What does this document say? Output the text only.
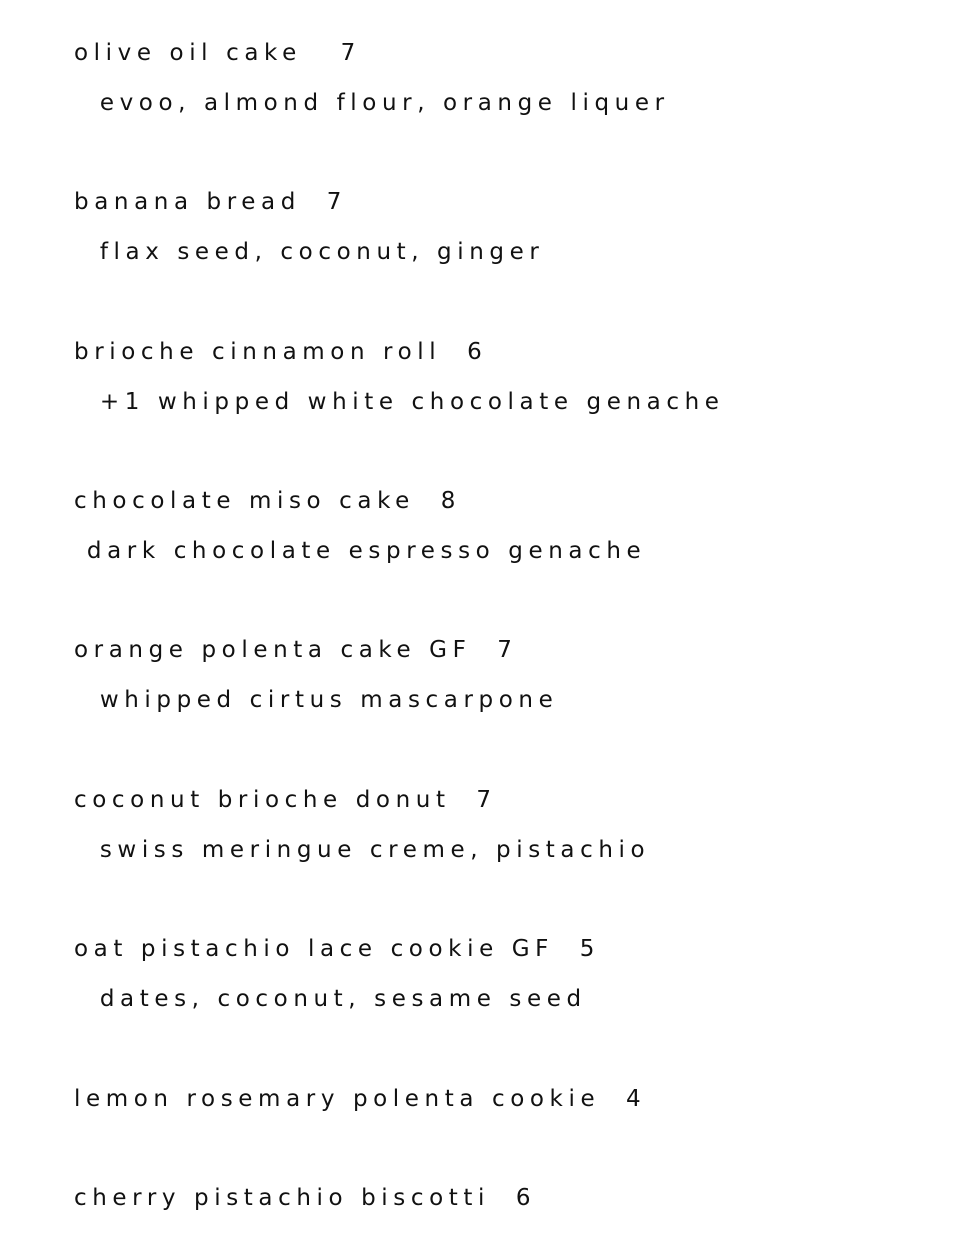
olive oil cake   7
evoo, almond flour, orange liquer
banana bread  7
flax seed, coconut, ginger
brioche cinnamon roll  6
+1 whipped white chocolate genache
chocolate miso cake  8
dark chocolate espresso genache
orange polenta cake GF  7
whipped cirtus mascarpone
coconut brioche donut  7
swiss meringue creme, pistachio
oat pistachio lace cookie GF  5
dates, coconut, sesame seed
lemon rosemary polenta cookie  4
cherry pistachio biscotti  6
